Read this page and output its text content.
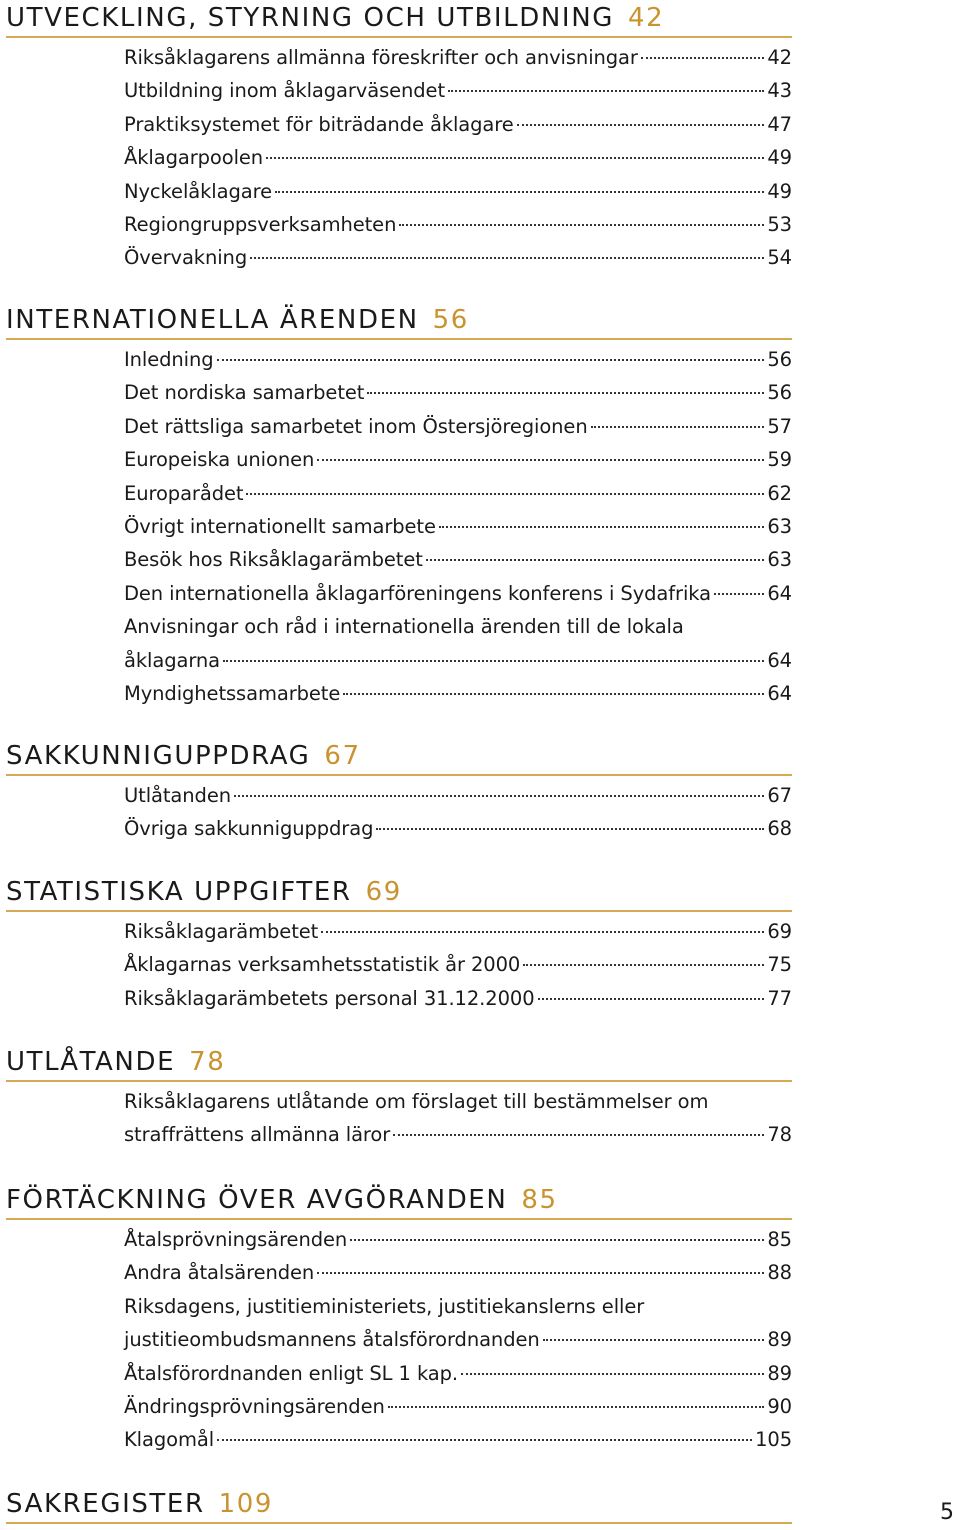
UTVECKLING, STYRNING OCH UTBILDNING 42
Riksåklagarens allmänna föreskrifter och anvisningar	42
Utbildning inom åklagarväsendet	43
Praktiksystemet för biträdande åklagare	47
Åklagarpoolen	49
Nyckelåklagare	49
Regiongruppsverksamheten	53
Övervakning	54
INTERNATIONELLA ÄRENDEN 56
Inledning	56
Det nordiska samarbetet	56
Det rättsliga samarbetet inom Östersjöregionen	57
Europeiska unionen	59
Europarådet	62
Övrigt internationellt samarbete	63
Besök hos Riksåklagarämbetet	63
Den internationella åklagarföreningens konferens i Sydafrika	64
Anvisningar och råd i internationella ärenden till de lokala
åklagarna	64
Myndighetssamarbete	64
SAKKUNNIGUPPDRAG 67
Utlåtanden	67
Övriga sakkunniguppdrag	68
STATISTISKA UPPGIFTER 69
Riksåklagarämbetet	69
Åklagarnas verksamhetsstatistik år 2000	75
Riksåklagarämbetets personal 31.12.2000	77
UTLÅTANDE 78
Riksåklagarens utlåtande om förslaget till bestämmelser om
straffrättens allmänna läror	78
FÖRTÄCKNING ÖVER AVGÖRANDEN 85
Åtalsprövningsärenden	85
Andra åtalsärenden	88
Riksdagens, justitieministeriets, justitiekanslerns eller
justitieombudsmannens åtalsförordnanden	89
Åtalsförordnanden enligt SL 1 kap.	89
Ändringsprövningsärenden	90
Klagomål	105
SAKREGISTER 109	5
